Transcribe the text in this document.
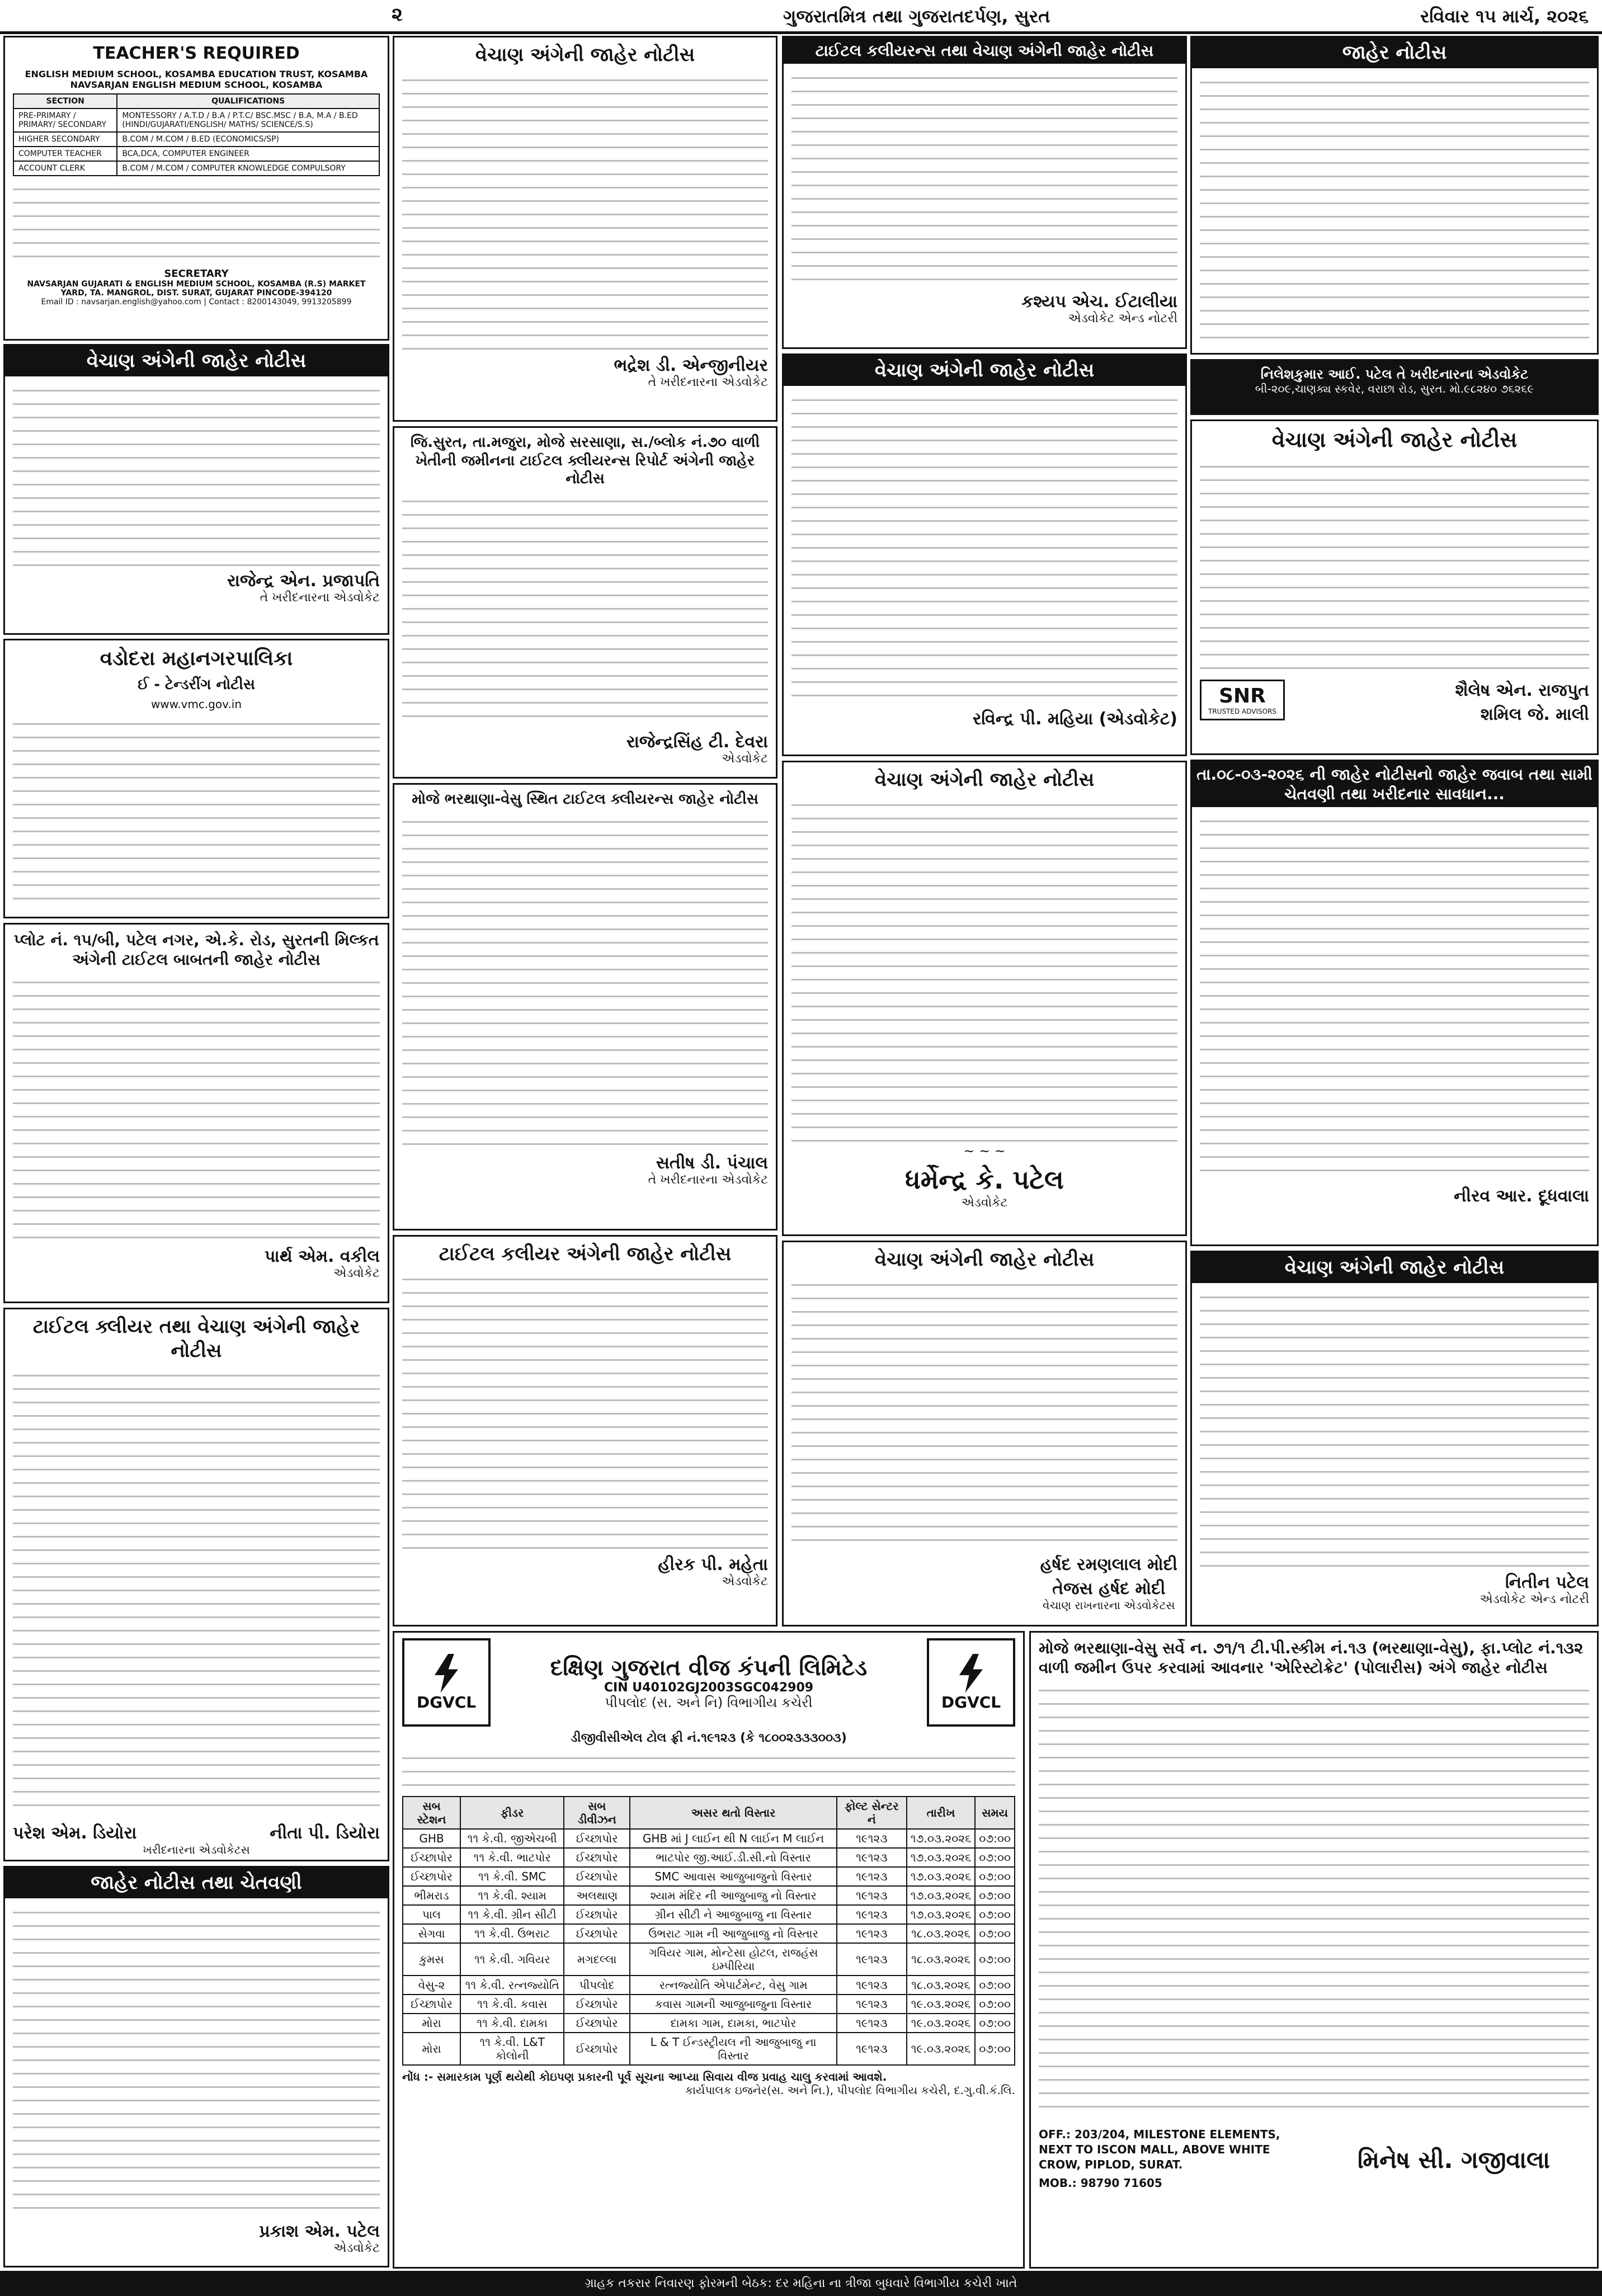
૨	ગુજરાતમિત્ર તથા ગુજરાતદર્પણ, સુરત	રવિવાર ૧૫ માર્ચ, ૨૦૨૬
TEACHER'S REQUIRED
ENGLISH MEDIUM SCHOOL, KOSAMBA EDUCATION TRUST, KOSAMBA
NAVSARJAN ENGLISH MEDIUM SCHOOL, KOSAMBA
SECTION	QUALIFICATIONS
PRE-PRIMARY / PRIMARY/ SECONDARY	MONTESSORY / A.T.D / B.A / P.T.C/ BSC.MSC / B.A, M.A / B.ED (HINDI/GUJARATI/ENGLISH/ MATHS/ SCIENCE/S.S)
HIGHER SECONDARY	B.COM / M.COM / B.ED (ECONOMICS/SP)
COMPUTER TEACHER	BCA,DCA, COMPUTER ENGINEER
ACCOUNT CLERK	B.COM / M.COM / COMPUTER KNOWLEDGE COMPULSORY
SECRETARY
NAVSARJAN GUJARATI & ENGLISH MEDIUM SCHOOL, KOSAMBA (R.S) MARKET YARD, TA. MANGROL, DIST. SURAT, GUJARAT PINCODE-394120
Email ID : navsarjan.english@yahoo.com | Contact : 8200143049, 9913205899
વેચાણ અંગેની જાહેર નોટીસ
રાજેન્દ્ર એન. પ્રજાપતિ
તે ખરીદનારના એડવોકેટ
વડોદરા મહાનગરપાલિકા
ઈ - ટેન્ડરીંગ નોટીસ
www.vmc.gov.in
પ્લોટ નં. ૧૫/બી, પટેલ નગર, એ.કે. રોડ, સુરતની મિલ્કત અંગેની ટાઈટલ બાબતની જાહેર નોટીસ
પાર્થ એમ. વકીલ
એડવોકેટ
ટાઈટલ ક્લીયર તથા વેચાણ અંગેની જાહેર નોટીસ
પરેશ એમ. ડિયોરા	નીતા પી. ડિયોરા
ખરીદનારના એડવોકેટસ
જાહેર નોટીસ તથા ચેતવણી
પ્રકાશ એમ. પટેલ
એડવોકેટ
વેચાણ અંગેની જાહેર નોટીસ
ભદ્રેશ ડી. એન્જીનીયર
તે ખરીદનારના એડવોકેટ
જિ.સુરત, તા.મજુરા, મોજે સરસાણા, સ./બ્લોક નં.૭૦ વાળી ખેતીની જમીનના ટાઈટલ ક્લીયરન્સ રિપોર્ટ અંગેની જાહેર નોટીસ
રાજેન્દ્રસિંહ ટી. દેવરા
એડવોકેટ
મોજે ભરથાણા-વેસુ સ્થિત ટાઈટલ ક્લીયરન્સ જાહેર નોટીસ
સતીષ ડી. પંચાલ
તે ખરીદનારના એડવોકેટ
ટાઈટલ કલીયર અંગેની જાહેર નોટીસ
હીરક પી. મહેતા
એડવોકેટ
DGVCL
દક્ષિણ ગુજરાત વીજ કંપની લિમિટેડ
CIN U40102GJ2003SGC042909
પીપલોદ (સ. અને નિ) વિભાગીય કચેરી	DGVCL
ડીજીવીસીએલ ટોલ ફ્રી નં.૧૯૧૨૩ (કે ૧૮૦૦૨૩૩૩૦૦૩)
સબ સ્ટેશન	ફીડર	સબ ડીવીઝન	અસર થતો વિસ્તાર	ફોલ્ટ સેન્ટર નં	તારીખ	સમય
GHB	૧૧ કે.વી. જીએચબી	ઈચ્છાપોર	GHB માં J લાઈન થી N લાઈન M લાઈન	૧૯૧૨૩	૧૭.૦૩.૨૦૨૬	૦૭:૦૦
ઈચ્છાપોર	૧૧ કે.વી. ભાટપોર	ઈચ્છાપોર	ભાટપોર જી.આઈ.ડી.સી.નો વિસ્તાર	૧૯૧૨૩	૧૭.૦૩.૨૦૨૬	૦૭:૦૦
ઈચ્છાપોર	૧૧ કે.વી. SMC	ઈચ્છાપોર	SMC આવાસ આજુબાજુનો વિસ્તાર	૧૯૧૨૩	૧૭.૦૩.૨૦૨૬	૦૭:૦૦
ભીમરાડ	૧૧ કે.વી. શ્યામ	અલથાણ	શ્યામ મંદિર ની આજુબાજુ નો વિસ્તાર	૧૯૧૨૩	૧૭.૦૩.૨૦૨૬	૦૭:૦૦
પાલ	૧૧ કે.વી. ગ્રીન સીટી	ઈચ્છાપોર	ગ્રીન સીટી ને આજુબાજુ ના વિસ્તાર	૧૯૧૨૩	૧૭.૦૩.૨૦૨૬	૦૭:૦૦
સેગવા	૧૧ કે.વી. ઉભરાટ	ઈચ્છાપોર	ઉભરાટ ગામ ની આજુબાજુ નો વિસ્તાર	૧૯૧૨૩	૧૮.૦૩.૨૦૨૬	૦૭:૦૦
કુમસ	૧૧ કે.વી. ગવિયર	મગદલ્લા	ગવિયર ગામ, મોન્ટેસા હોટલ, રાજહંસ ઇમ્પીરિયા	૧૯૧૨૩	૧૮.૦૩.૨૦૨૬	૦૭:૦૦
વેસુ-૨	૧૧ કે.વી. રત્નજ્યોતિ	પીપલોદ	રત્નજ્યોતિ એપાર્ટમેન્ટ, વેસુ ગામ	૧૯૧૨૩	૧૮.૦૩.૨૦૨૬	૦૭:૦૦
ઈચ્છાપોર	૧૧ કે.વી. કવાસ	ઈચ્છાપોર	કવાસ ગામની આજુબાજુના વિસ્તાર	૧૯૧૨૩	૧૯.૦૩.૨૦૨૬	૦૭:૦૦
મોરા	૧૧ કે.વી. દામકા	ઈચ્છાપોર	દામકા ગામ, દામકા, ભાટપોર	૧૯૧૨૩	૧૯.૦૩.૨૦૨૬	૦૭:૦૦
મોરા	૧૧ કે.વી. L&T કોલોની	ઈચ્છાપોર	L & T ઈન્ડસ્ટ્રીયલ ની આજુબાજુ ના વિસ્તાર	૧૯૧૨૩	૧૯.૦૩.૨૦૨૬	૦૭:૦૦
નોંધ :- સમારકામ પૂર્ણ થયેથી કોઇપણ પ્રકારની પૂર્વ સૂચના આપ્યા સિવાય વીજ પ્રવાહ ચાલુ કરવામાં આવશે.
કાર્યપાલક ઇજનેર(સ. અને નિ.), પીપલોદ વિભાગીય કચેરી, દ.ગુ.વી.કં.લિ.
ટાઈટલ કલીયરન્સ તથા વેચાણ અંગેની જાહેર નોટીસ
કશ્યપ એચ. ઈટાલીયા
એડવોકેટ એન્ડ નોટરી
વેચાણ અંગેની જાહેર નોટીસ
રવિન્દ્ર પી. મહિયા (એડવોકેટ)
વેચાણ અંગેની જાહેર નોટીસ
~ ~ ~
ધર્મેન્દ્ર કે. પટેલ
એડવોકેટ
વેચાણ અંગેની જાહેર નોટીસ
હર્ષદ રમણલાલ મોદી
તેજસ હર્ષદ મોદી
વેચાણ રાખનારના એડવોકેટસ
જાહેર નોટીસ
નિલેશકુમાર આઈ. પટેલ તે ખરીદનારના એડવોકેટ
બી-૨૦૯,ચાણક્ય સ્કવેર, વરાછા રોડ, સુરત. મો.૯૮૨૪૦ ૭૬૨૬૯
વેચાણ અંગેની જાહેર નોટીસ
SNR
TRUSTED ADVISORS
શૈલેષ એન. રાજપુત
શમિલ જે. માલી
તા.૦૮-૦૩-૨૦૨૬ ની જાહેર નોટીસનો જાહેર જવાબ તથા સામી ચેતવણી તથા ખરીદનાર સાવધાન...
નીરવ આર. દૂધવાલા
વેચાણ અંગેની જાહેર નોટીસ
નિતીન પટેલ
એડવોકેટ એન્ડ નોટરી
મોજે ભરથાણા-વેસુ સર્વે ન. ૭૧/૧ ટી.પી.સ્કીમ નં.૧૩ (ભરથાણા-વેસુ), ફા.પ્લોટ નં.૧૩૨ વાળી જમીન ઉપર કરવામાં આવનાર 'એરિસ્ટોક્રેટ' (પોલારીસ) અંગે જાહેર નોટીસ
OFF.: 203/204, MILESTONE ELEMENTS, NEXT TO ISCON MALL, ABOVE WHITE CROW, PIPLOD, SURAT.
MOB.: 98790 71605
મિનેષ સી. ગજીવાલા
ગ્રાહક તકરાર નિવારણ ફોરમની બેઠક: દર મહિના ના ત્રીજા બુધવારે વિભાગીય કચેરી ખાતે
